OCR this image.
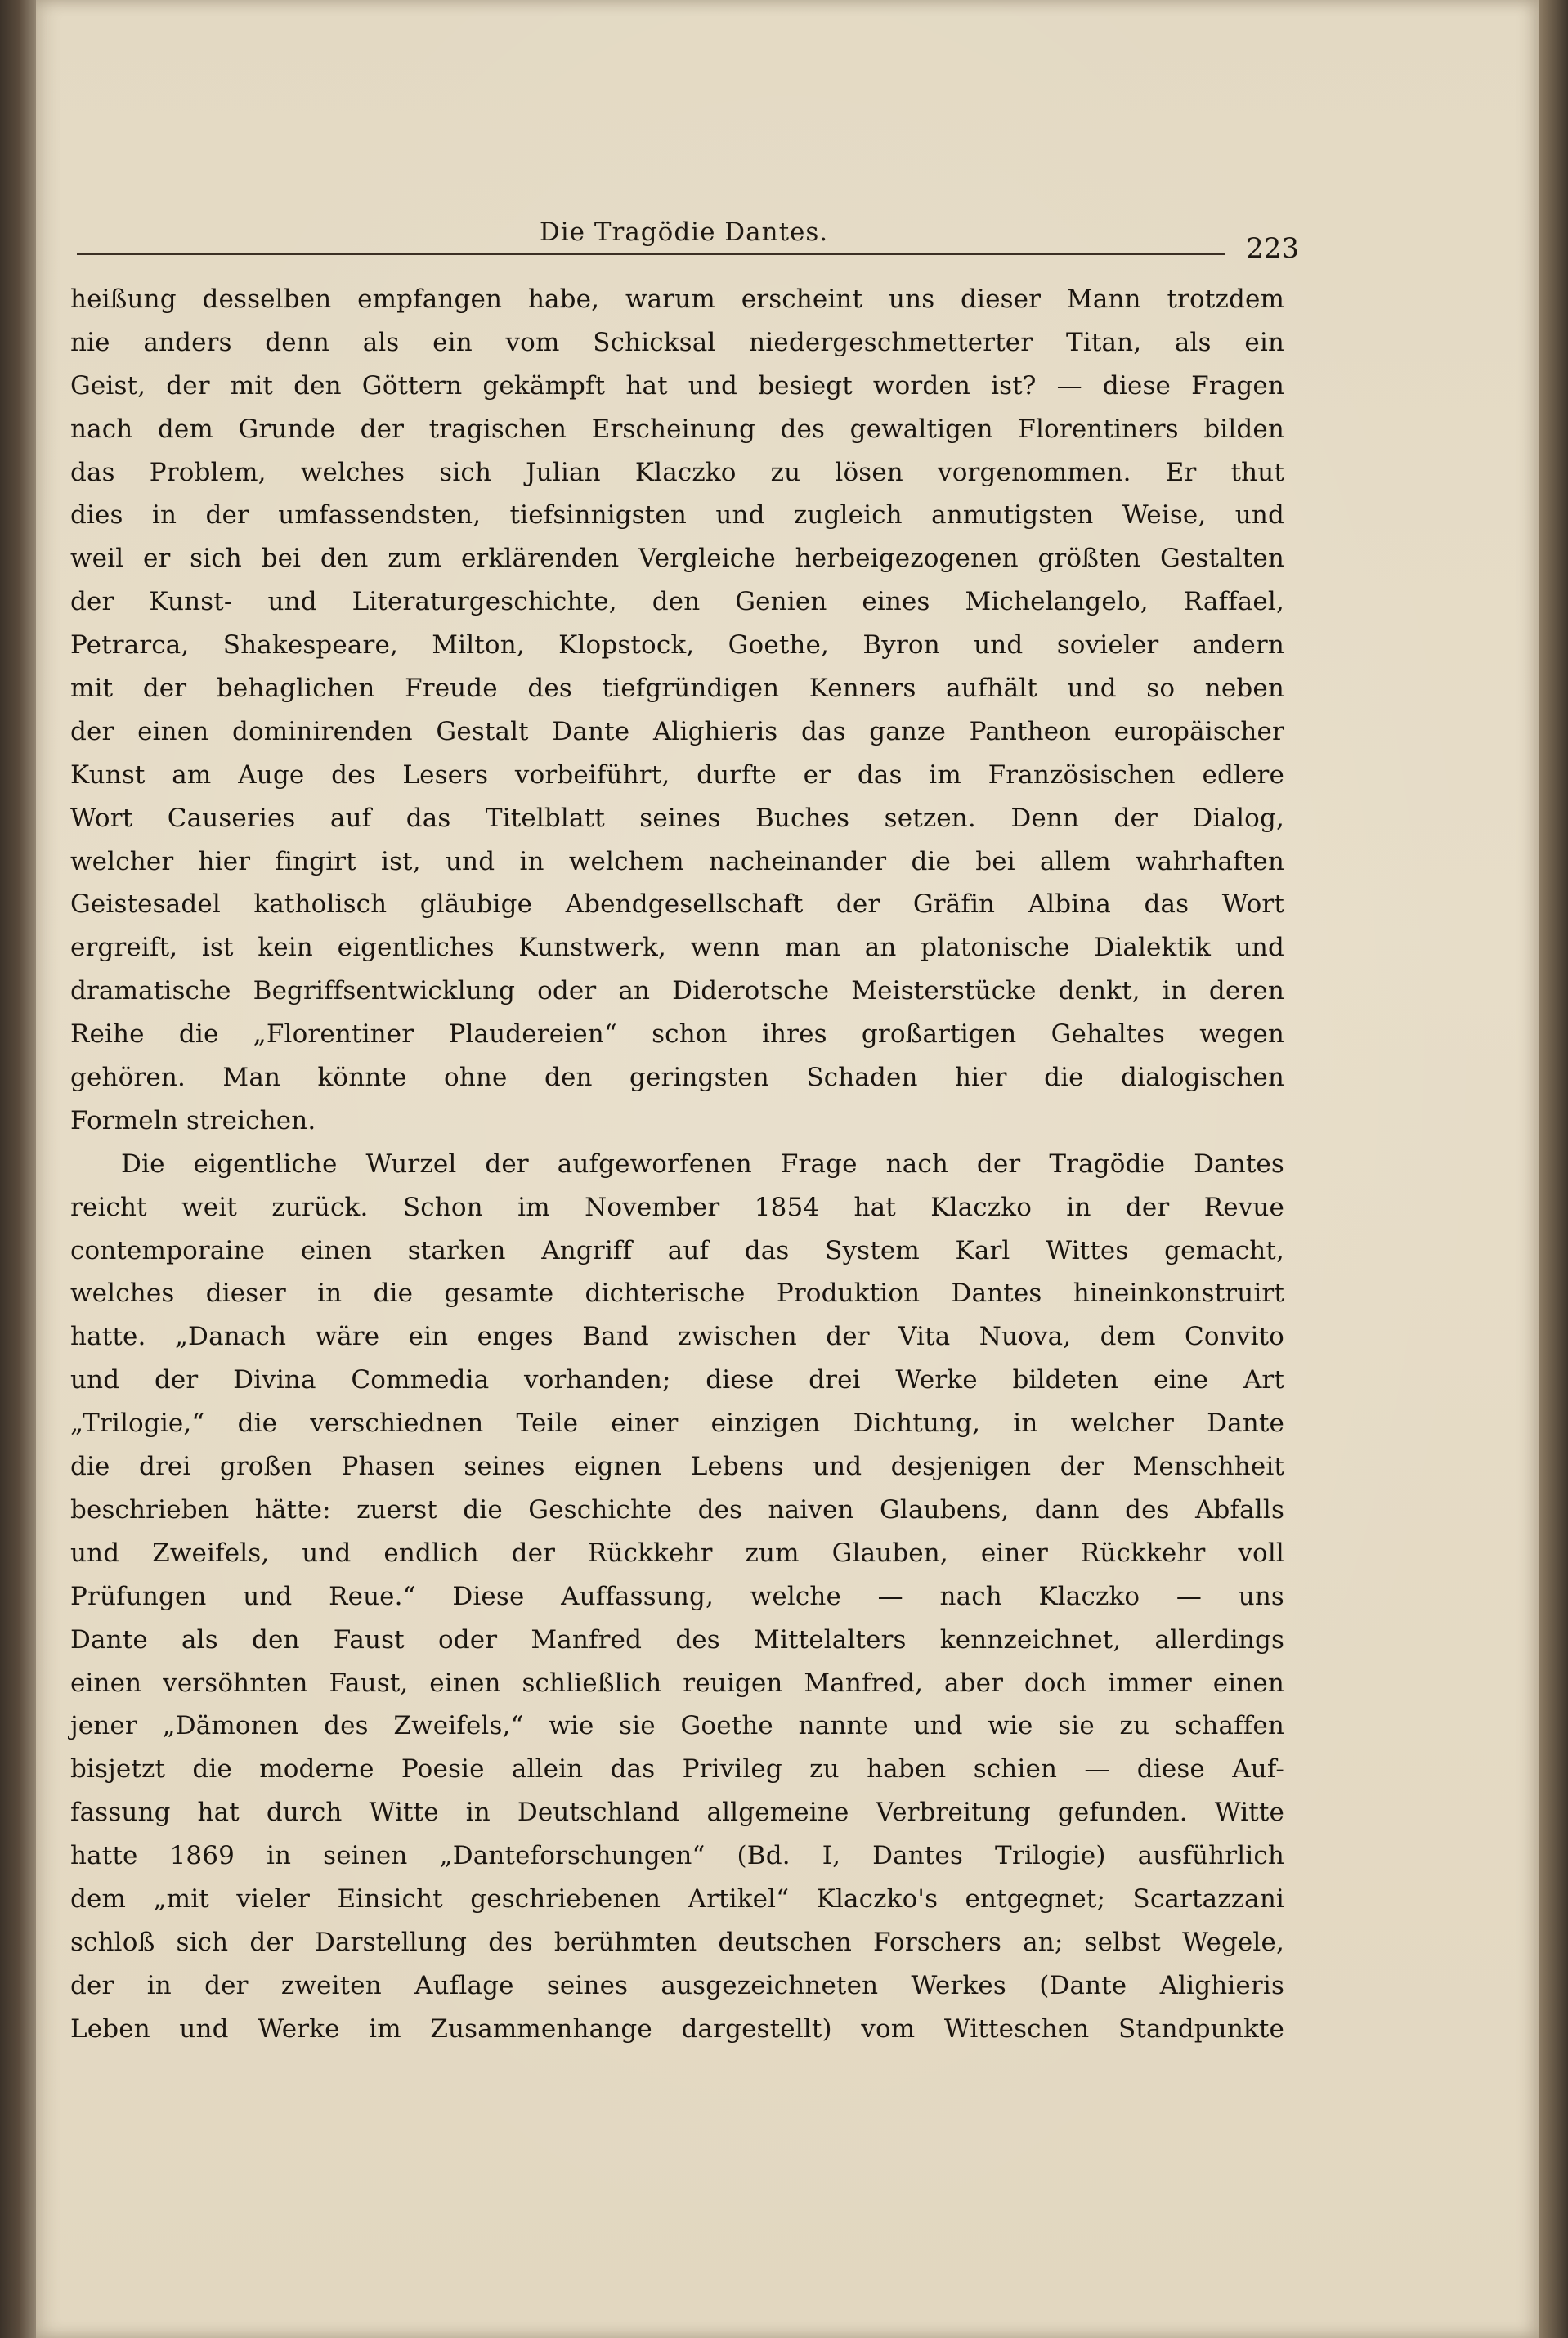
Die Tragödie Dantes.	223
heißung desselben empfangen habe, warum erscheint uns dieser Mann trotzdem
nie anders denn als ein vom Schicksal niedergeschmetterter Titan, als ein
Geist, der mit den Göttern gekämpft hat und besiegt worden ist? — diese Fragen
nach dem Grunde der tragischen Erscheinung des gewaltigen Florentiners bilden
das Problem, welches sich Julian Klaczko zu lösen vorgenommen. Er thut
dies in der umfassendsten, tiefsinnigsten und zugleich anmutigsten Weise, und
weil er sich bei den zum erklärenden Vergleiche herbeigezogenen größten Gestalten
der Kunst- und Literaturgeschichte, den Genien eines Michelangelo, Raffael,
Petrarca, Shakespeare, Milton, Klopstock, Goethe, Byron und sovieler andern
mit der behaglichen Freude des tiefgründigen Kenners aufhält und so neben
der einen dominirenden Gestalt Dante Alighieris das ganze Pantheon europäischer
Kunst am Auge des Lesers vorbeiführt, durfte er das im Französischen edlere
Wort Causeries auf das Titelblatt seines Buches setzen. Denn der Dialog,
welcher hier fingirt ist, und in welchem nacheinander die bei allem wahrhaften
Geistesadel katholisch gläubige Abendgesellschaft der Gräfin Albina das Wort
ergreift, ist kein eigentliches Kunstwerk, wenn man an platonische Dialektik und
dramatische Begriffsentwicklung oder an Diderotsche Meisterstücke denkt, in deren
Reihe die „Florentiner Plaudereien“ schon ihres großartigen Gehaltes wegen
gehören. Man könnte ohne den geringsten Schaden hier die dialogischen
Formeln streichen.
Die eigentliche Wurzel der aufgeworfenen Frage nach der Tragödie Dantes
reicht weit zurück. Schon im November 1854 hat Klaczko in der Revue
contemporaine einen starken Angriff auf das System Karl Wittes gemacht,
welches dieser in die gesamte dichterische Produktion Dantes hineinkonstruirt
hatte. „Danach wäre ein enges Band zwischen der Vita Nuova, dem Convito
und der Divina Commedia vorhanden; diese drei Werke bildeten eine Art
„Trilogie,“ die verschiednen Teile einer einzigen Dichtung, in welcher Dante
die drei großen Phasen seines eignen Lebens und desjenigen der Menschheit
beschrieben hätte: zuerst die Geschichte des naiven Glaubens, dann des Abfalls
und Zweifels, und endlich der Rückkehr zum Glauben, einer Rückkehr voll
Prüfungen und Reue.“ Diese Auffassung, welche — nach Klaczko — uns
Dante als den Faust oder Manfred des Mittelalters kennzeichnet, allerdings
einen versöhnten Faust, einen schließlich reuigen Manfred, aber doch immer einen
jener „Dämonen des Zweifels,“ wie sie Goethe nannte und wie sie zu schaffen
bisjetzt die moderne Poesie allein das Privileg zu haben schien — diese Auf-
fassung hat durch Witte in Deutschland allgemeine Verbreitung gefunden. Witte
hatte 1869 in seinen „Danteforschungen“ (Bd. I, Dantes Trilogie) ausführlich
dem „mit vieler Einsicht geschriebenen Artikel“ Klaczko's entgegnet; Scartazzani
schloß sich der Darstellung des berühmten deutschen Forschers an; selbst Wegele,
der in der zweiten Auflage seines ausgezeichneten Werkes (Dante Alighieris
Leben und Werke im Zusammenhange dargestellt) vom Witteschen Standpunkte
